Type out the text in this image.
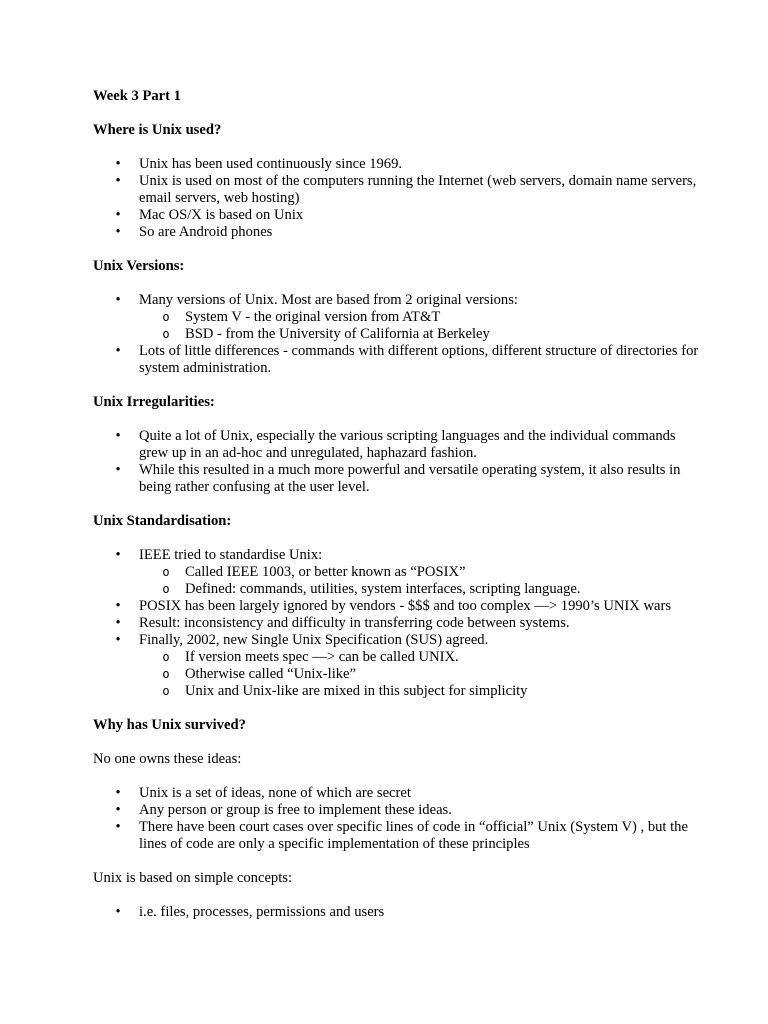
Week 3 Part 1

Where is Unix used?

• Unix has been used continuously since 1969.
• Unix is used on most of the computers running the Internet (web servers, domain name servers, email servers, web hosting)
• Mac OS/X is based on Unix
• So are Android phones

Unix Versions:

• Many versions of Unix. Most are based from 2 original versions:
o System V - the original version from AT&T
o BSD - from the University of California at Berkeley
• Lots of little differences - commands with different options, different structure of directories for system administration.

Unix Irregularities:

• Quite a lot of Unix, especially the various scripting languages and the individual commands grew up in an ad-hoc and unregulated, haphazard fashion.
• While this resulted in a much more powerful and versatile operating system, it also results in being rather confusing at the user level.

Unix Standardisation:

• IEEE tried to standardise Unix:
o Called IEEE 1003, or better known as “POSIX”
o Defined: commands, utilities, system interfaces, scripting language.
• POSIX has been largely ignored by vendors - $$$ and too complex —> 1990’s UNIX wars
• Result: inconsistency and difficulty in transferring code between systems.
• Finally, 2002, new Single Unix Specification (SUS) agreed.
o If version meets spec —> can be called UNIX.
o Otherwise called “Unix-like”
o Unix and Unix-like are mixed in this subject for simplicity

Why has Unix survived?

No one owns these ideas:

• Unix is a set of ideas, none of which are secret
• Any person or group is free to implement these ideas.
• There have been court cases over specific lines of code in “official” Unix (System V) , but the lines of code are only a specific implementation of these principles

Unix is based on simple concepts:

• i.e. files, processes, permissions and users
